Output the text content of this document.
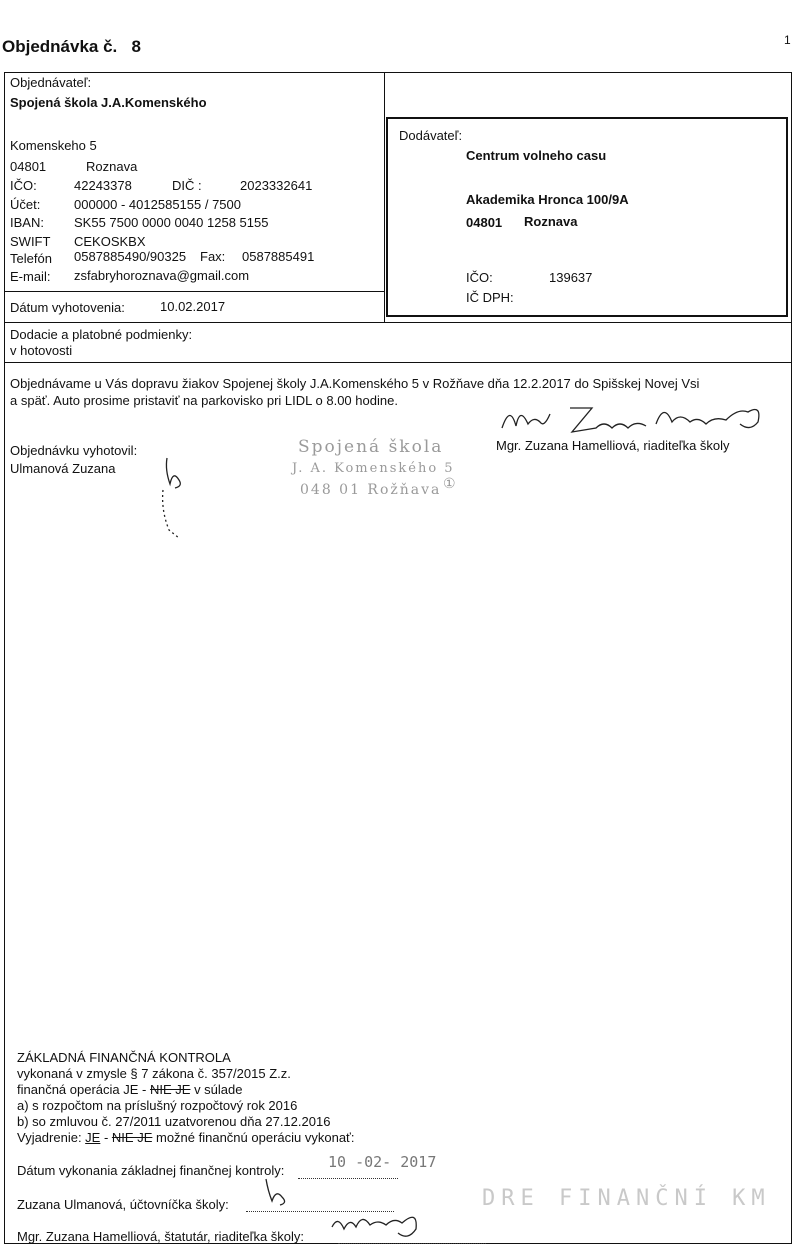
Objednávka č. 8	1
Objednávateľ:
Spojená škola J.A.Komenského
Komenskeho 5
04801	Roznava
IČO:	42243378	DIČ :	2023332641
Účet:	000000 - 4012585155 / 7500
IBAN: SK55 7500 0000 0040 1258 5155
SWIFT CEKOSKBX
Telefón 0587885490/90325 Fax: 0587885491
E-mail: zsfabryhoroznava@gmail.com
Dátum vyhotovenia:	10.02.2017
Dodávateľ:
Centrum volneho casu
Akademika Hronca 100/9A
04801 Roznava
IČO:	139637
IČ DPH:
Dodacie a platobné podmienky:
v hotovosti
Objednávame u Vás dopravu žiakov Spojenej školy J.A.Komenského 5 v Rožňave dňa 12.2.2017 do Spišskej Novej Vsi
a späť. Auto prosime pristaviť na parkovisko pri LIDL o 8.00 hodine.
Objednávku vyhotovil:
Ulmanová Zuzana
Spojená škola
J. A. Komenského 5
048 01 Rožňava ①
Mgr. Zuzana Hamelliová, riaditeľka školy
ZÁKLADNÁ FINANČNÁ KONTROLA
vykonaná v zmysle § 7 zákona č. 357/2015 Z.z.
finančná operácia JE - NIE JE v súlade
a) s rozpočtom na príslušný rozpočtový rok 2016
b) so zmluvou č. 27/2011 uzatvorenou dňa 27.12.2016
Vyjadrenie: JE - NIE JE možné finančnú operáciu vykonať:
Dátum vykonania základnej finančnej kontroly:	10 -02- 2017
Zuzana Ulmanová, účtovníčka školy:
Mgr. Zuzana Hamelliová, štatutár, riaditeľka školy:
DRE FINANČNÍ KM
